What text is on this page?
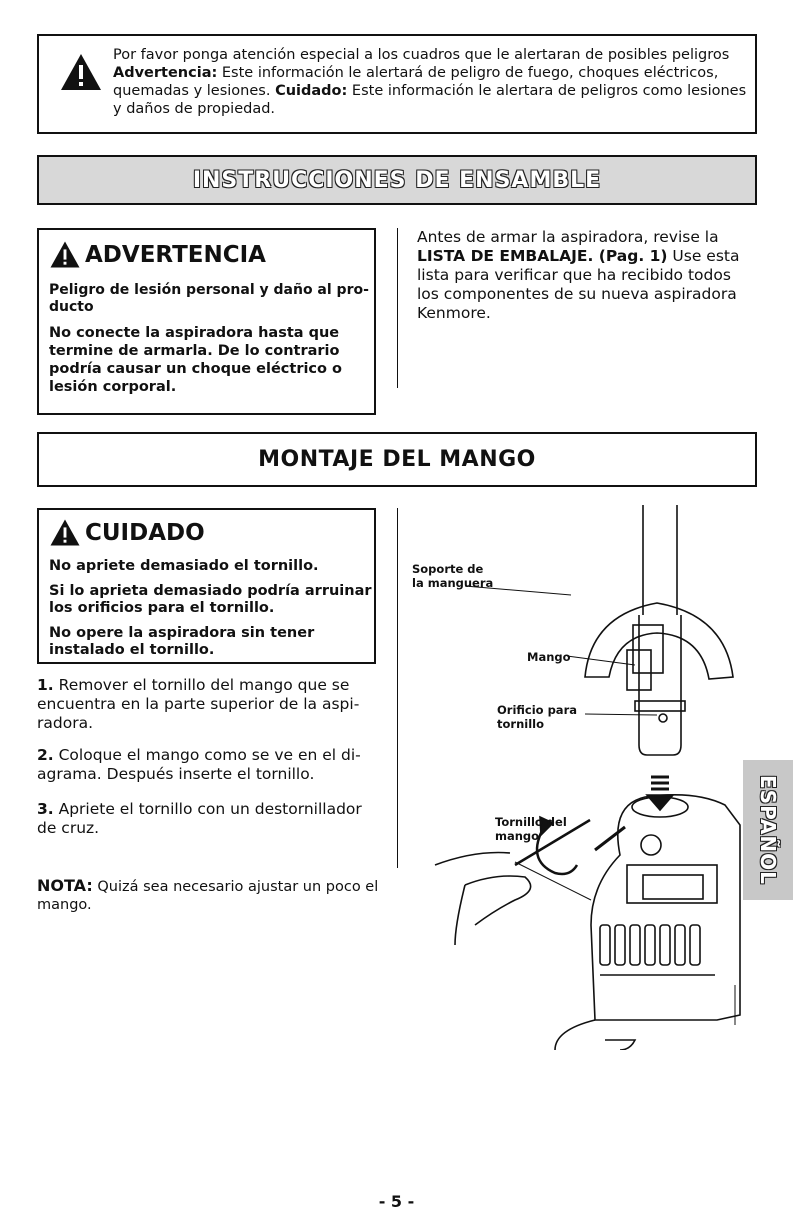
Por favor ponga atención especial a los cuadros que le alertaran de posibles peligros
Advertencia: Este información le alertará de peligro de fuego, choques eléctricos,
quemadas y lesiones. Cuidado: Este información le alertara de peligros como lesiones
y daños de propiedad.
INSTRUCCIONES DE ENSAMBLE
ADVERTENCIA
Peligro de lesión personal y daño al pro- ducto
No conecte la aspiradora hasta que termine de armarla. De lo contrario podría causar un choque eléctrico o lesión corporal.
Antes de armar la aspiradora, revise la LISTA DE EMBALAJE. (Pag. 1) Use esta lista para verificar que ha recibido todos los componentes de su nueva aspiradora Kenmore.
MONTAJE DEL MANGO
CUIDADO

No apriete demasiado el tornillo.

Si lo aprieta demasiado podría arruinar los orificios para el tornillo.

No opere la aspiradora sin tener instalado el tornillo.

1. Remover el tornillo del mango que se encuentra en la parte superior de la aspi- radora.
2. Coloque el mango como se ve en el di- agrama. Después inserte el tornillo.
3. Apriete el tornillo con un destornillador de cruz.
NOTA: Quizá sea necesario ajustar un poco el mango.
Soporte de
la manguera
Mango
Orificio para
tornillo
Tornillo del
mango	ESPAÑOL
- 5 -
